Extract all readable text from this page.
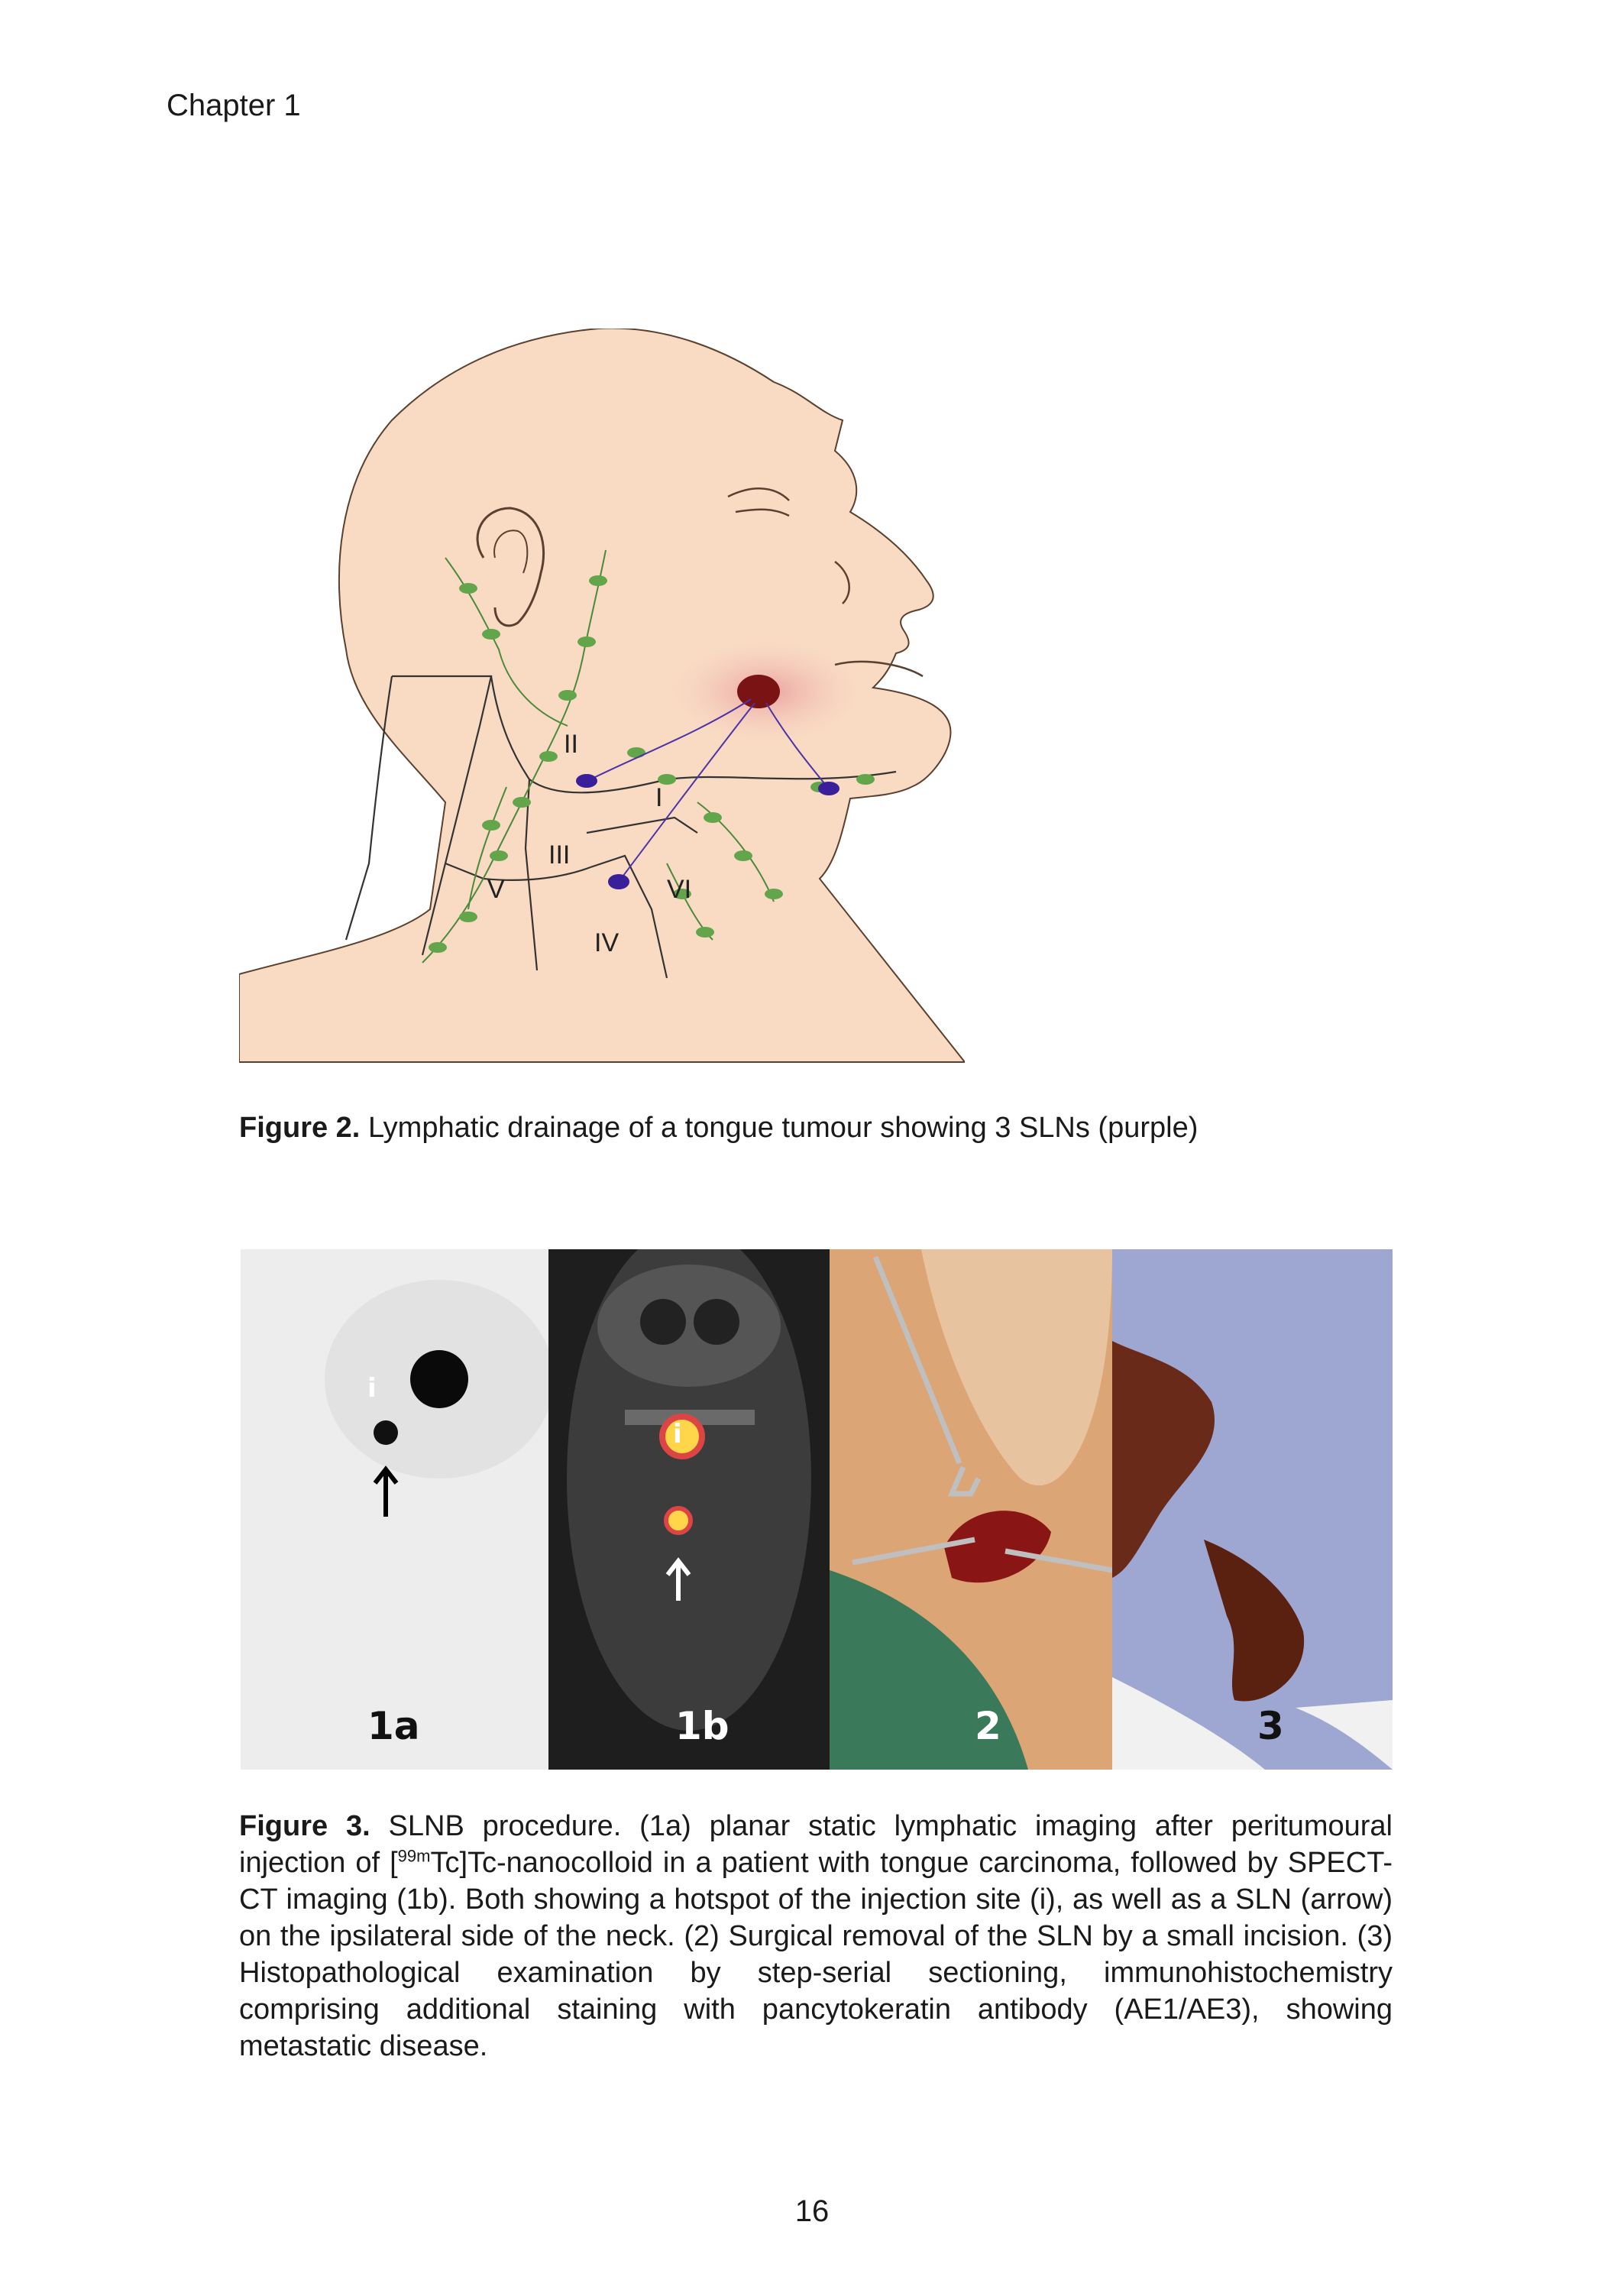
Chapter 1
I
II
III
IV
V	VI
Figure 2. Lymphatic drainage of a tongue tumour showing 3 SLNs (purple)
i
1a
i
1b	2	3
Figure 3. SLNB procedure. (1a) planar static lymphatic imaging after peritumoural injection of [$^{99m}$Tc]Tc-nanocolloid in a patient with tongue carcinoma, followed by SPECT-CT imaging (1b). Both showing a hotspot of the injection site (i), as well as a SLN (arrow) on the ipsilateral side of the neck. (2) Surgical removal of the SLN by a small incision. (3) Histopathological examination by step-serial sectioning, immunohistochemistry comprising additional staining with pancytokeratin antibody (AE1/AE3), showing metastatic disease.
16
